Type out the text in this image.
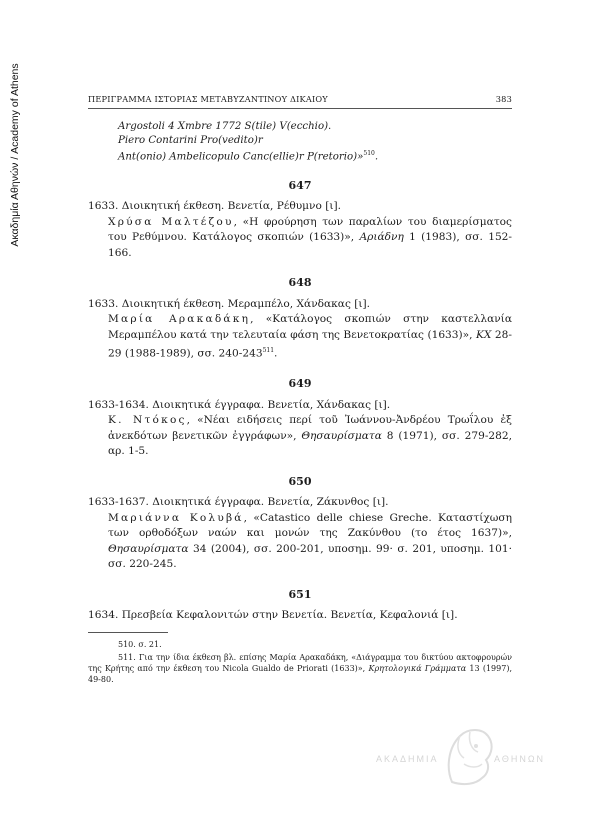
Ακαδημία Αθηνών / Academy of Athens	ΠΕΡΙΓΡΑΜΜΑ ΙΣΤΟΡΙΑΣ ΜΕΤΑΒΥΖΑΝΤΙΝΟΥ ΔΙΚΑΙΟΥ	383
Argostoli 4 Xmbre 1772 S(tile) V(ecchio).
Piero Contarini Pro(vedito)r
Ant(onio) Ambelicopulo Canc(ellie)r P(retorio)»$^{510}$.
647

1633. Διοικητική έκθεση. Βενετία, Ρέθυμνο [ι].

Χρύσα Μαλτέζου, «Η φρούρηση των παραλίων του διαμερίσματος του Ρεθύμνου. Κατάλογος σκοπιών (1633)», Αριάδνη 1 (1983), σσ. 152-166.

648

1633. Διοικητική έκθεση. Μεραμπέλο, Χάνδακας [ι].

Μαρία Αρακαδάκη, «Κατάλογος σκοπιών στην καστελλανία Μεραμπέλου κατά την τελευταία φάση της Βενετοκρατίας (1633)», ΚΧ 28-29 (1988-1989), σσ. $240-243^{511}$.

649

1633-1634. Διοικητικά έγγραφα. Βενετία, Χάνδακας [ι].

Κ. Ντόκος, «Νέαι ειδήσεις περί τοῦ Ἰωάννου-Ἀνδρέου Τρωΐλου ἐξ ἀνεκδότων βενετικῶν ἐγγράφων», Θησαυρίσματα 8 (1971), σσ. 279-282, αρ. 1-5.

650

1633-1637. Διοικητικά έγγραφα. Βενετία, Ζάκυνθος [ι].

Μαριάννα Κολυβά, «Catastico delle chiese Greche. Καταστίχωση των ορθοδόξων ναών και μονών της Ζακύνθου (το έτος 1637)», Θησαυρίσματα 34 (2004), σσ. 200-201, υποσημ. 99· σ. 201, υποσημ. 101· σσ. 220-245.

651

1634. Πρεσβεία Κεφαλονιτών στην Βενετία. Βενετία, Κεφαλονιά [ι].

510. σ. 21.

511. Για την ίδια έκθεση βλ. επίσης Μαρία Αρακαδάκη, «Διάγραμμα του δικτύου ακτοφρουρών της Κρήτης από την έκθεση του Nicola Gualdo de Priorati (1633)», Κρητολογικά Γράμματα 13 (1997), 49-80.

ΑΚΑΔΗΜΙΑ	ΑΘΗΝΩΝ
